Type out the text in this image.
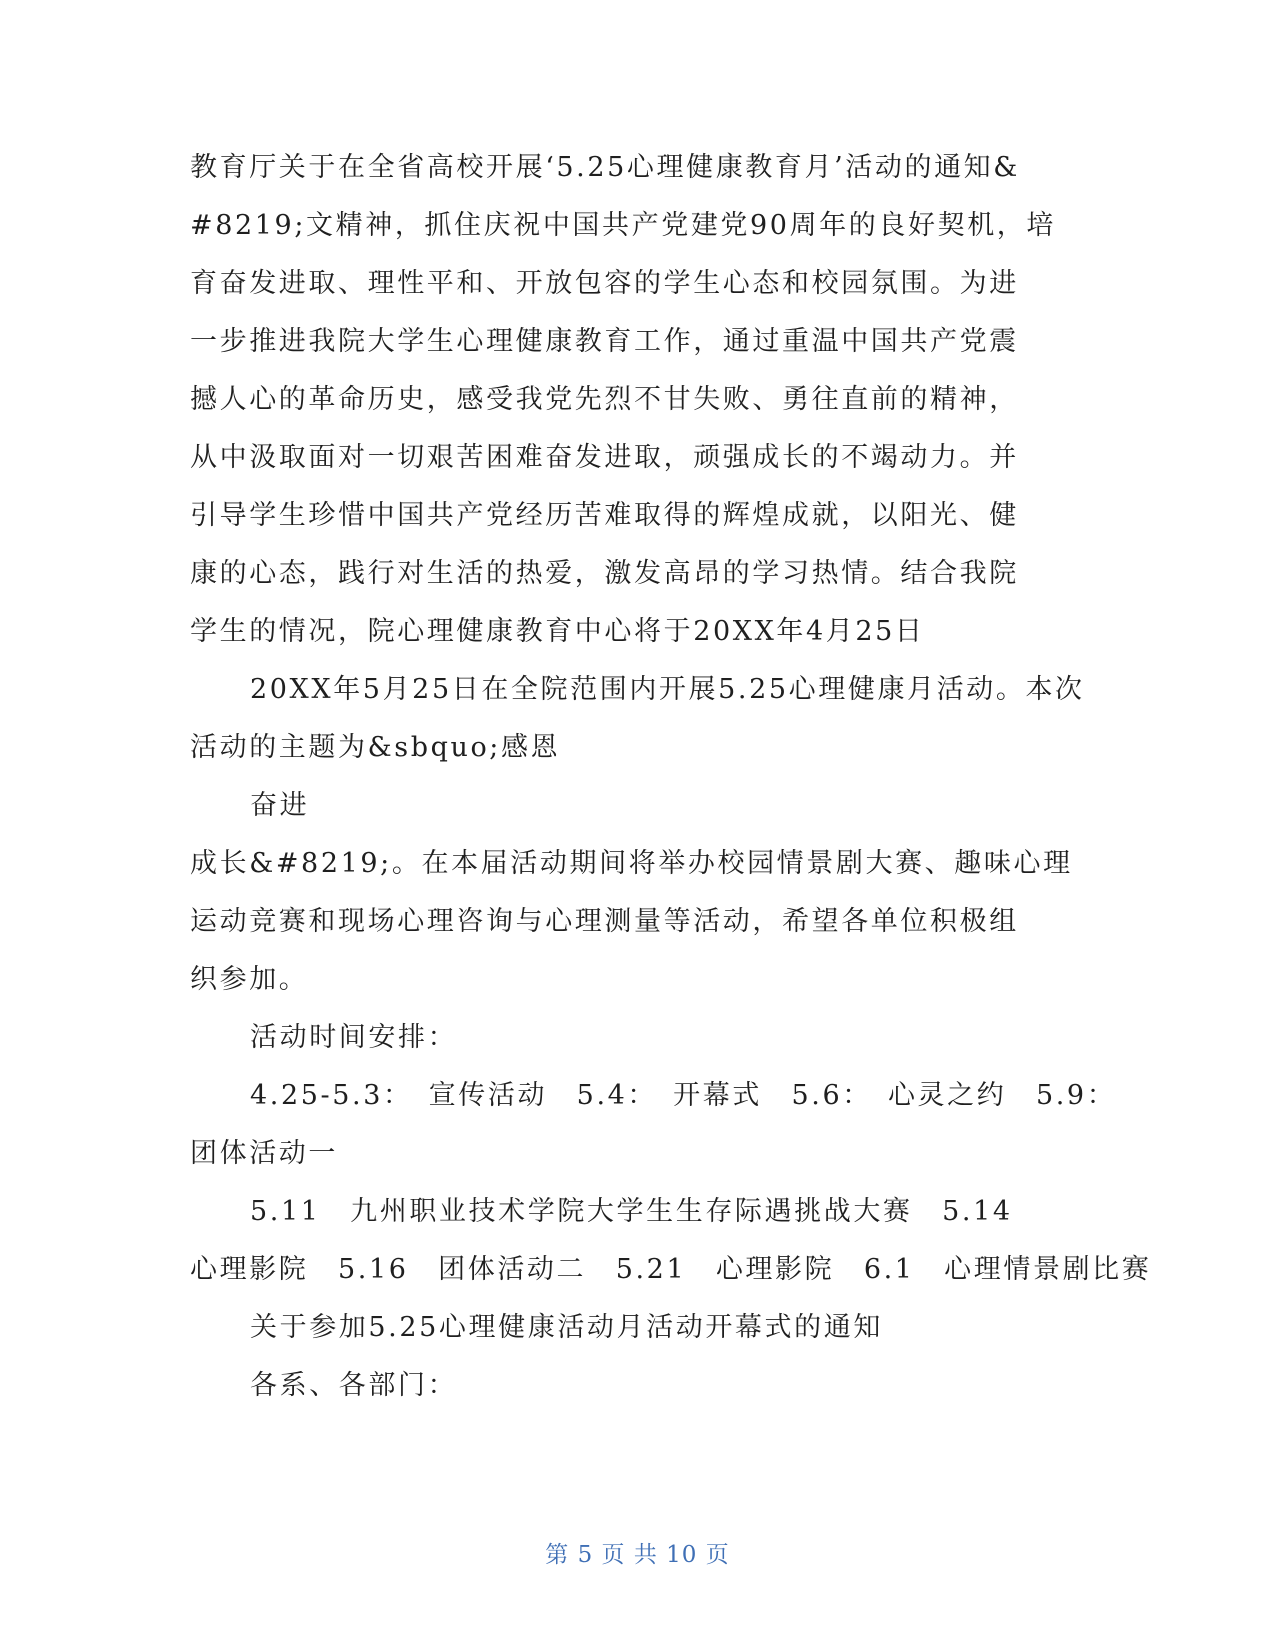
教育厅关于在全省高校开展‘5.25心理健康教育月’活动的通知&
#8219;文精神，抓住庆祝中国共产党建党90周年的良好契机，培
育奋发进取、理性平和、开放包容的学生心态和校园氛围。为进
一步推进我院大学生心理健康教育工作，通过重温中国共产党震
撼人心的革命历史，感受我党先烈不甘失败、勇往直前的精神，
从中汲取面对一切艰苦困难奋发进取，顽强成长的不竭动力。并
引导学生珍惜中国共产党经历苦难取得的辉煌成就，以阳光、健
康的心态，践行对生活的热爱，激发高昂的学习热情。结合我院
学生的情况，院心理健康教育中心将于20XX年4月25日
20XX年5月25日在全院范围内开展5.25心理健康月活动。本次
活动的主题为&sbquo;感恩
奋进
成长&#8219;。在本届活动期间将举办校园情景剧大赛、趣味心理
运动竞赛和现场心理咨询与心理测量等活动，希望各单位积极组
织参加。
活动时间安排：
4.25-5.3：　宣传活动　5.4：　开幕式　5.6：　心灵之约　5.9：
团体活动一
5.11　九州职业技术学院大学生生存际遇挑战大赛　5.14
心理影院　5.16　团体活动二　5.21　心理影院　6.1　心理情景剧比赛
关于参加5.25心理健康活动月活动开幕式的通知
各系、各部门：
第 5 页 共 10 页
